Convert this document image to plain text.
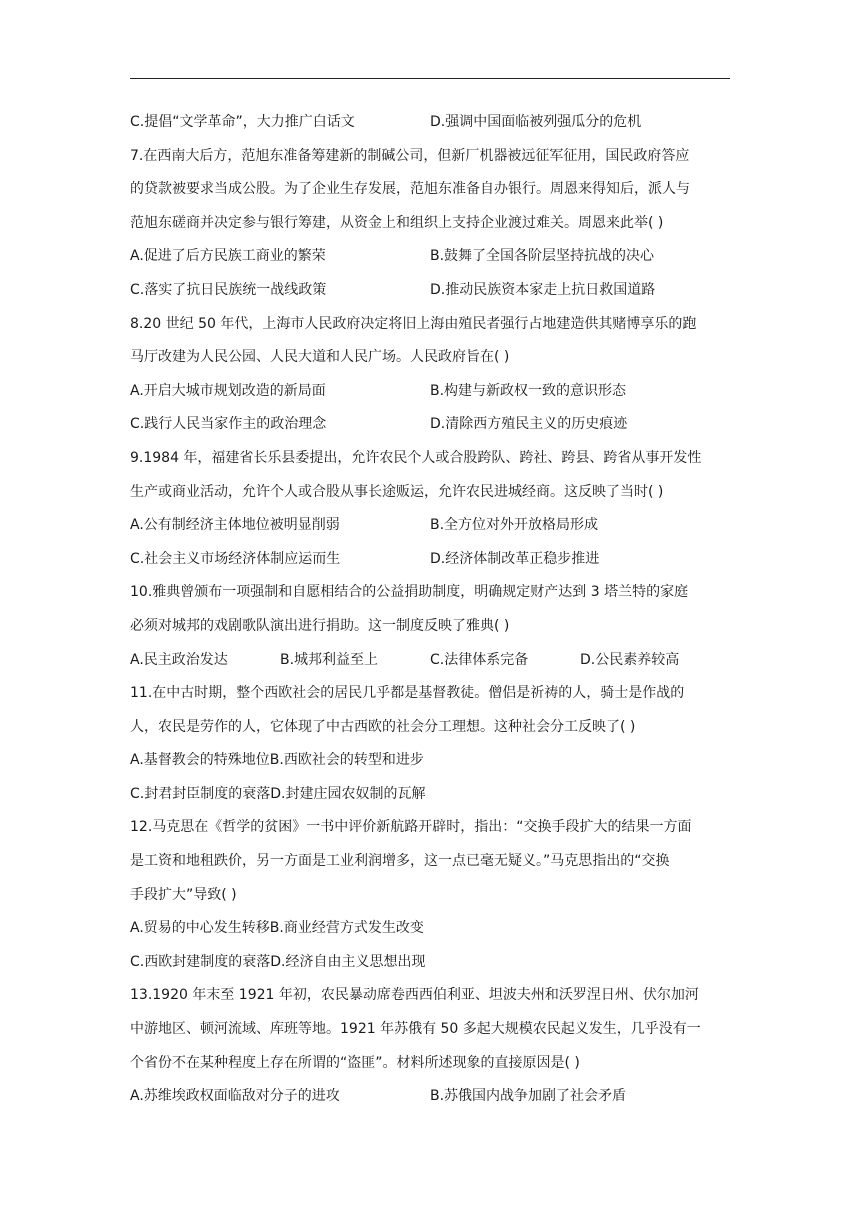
C.提倡“文学革命”，大力推广白话文	D.强调中国面临被列强瓜分的危机
7.在西南大后方，范旭东准备筹建新的制碱公司，但新厂机器被远征军征用，国民政府答应
的贷款被要求当成公股。为了企业生存发展，范旭东准备自办银行。周恩来得知后，派人与
范旭东磋商并决定参与银行筹建，从资金上和组织上支持企业渡过难关。周恩来此举( )
A.促进了后方民族工商业的繁荣	B.鼓舞了全国各阶层坚持抗战的决心
C.落实了抗日民族统一战线政策	D.推动民族资本家走上抗日救国道路
8.20 世纪 50 年代，上海市人民政府决定将旧上海由殖民者强行占地建造供其赌博享乐的跑
马厅改建为人民公园、人民大道和人民广场。人民政府旨在( )
A.开启大城市规划改造的新局面	B.构建与新政权一致的意识形态
C.践行人民当家作主的政治理念	D.清除西方殖民主义的历史痕迹
9.1984 年，福建省长乐县委提出，允许农民个人或合股跨队、跨社、跨县、跨省从事开发性
生产或商业活动，允许个人或合股从事长途贩运，允许农民进城经商。这反映了当时( )
A.公有制经济主体地位被明显削弱	B.全方位对外开放格局形成
C.社会主义市场经济体制应运而生	D.经济体制改革正稳步推进
10.雅典曾颁布一项强制和自愿相结合的公益捐助制度，明确规定财产达到 3 塔兰特的家庭
必须对城邦的戏剧歌队演出进行捐助。这一制度反映了雅典( )
A.民主政治发达	B.城邦利益至上	C.法律体系完备	D.公民素养较高
11.在中古时期，整个西欧社会的居民几乎都是基督教徒。僧侣是祈祷的人，骑士是作战的
人，农民是劳作的人，它体现了中古西欧的社会分工理想。这种社会分工反映了( )
A.基督教会的特殊地位B.西欧社会的转型和进步
C.封君封臣制度的衰落D.封建庄园农奴制的瓦解
12.马克思在《哲学的贫困》一书中评价新航路开辟时，指出：“交换手段扩大的结果一方面
是工资和地租跌价，另一方面是工业利润增多，这一点已毫无疑义。”马克思指出的“交换
手段扩大”导致( )
A.贸易的中心发生转移B.商业经营方式发生改变
C.西欧封建制度的衰落D.经济自由主义思想出现
13.1920 年末至 1921 年初，农民暴动席卷西西伯利亚、坦波夫州和沃罗涅日州、伏尔加河
中游地区、顿河流域、库班等地。1921 年苏俄有 50 多起大规模农民起义发生，几乎没有一
个省份不在某种程度上存在所谓的“盗匪”。材料所述现象的直接原因是( )
A.苏维埃政权面临敌对分子的进攻	B.苏俄国内战争加剧了社会矛盾
